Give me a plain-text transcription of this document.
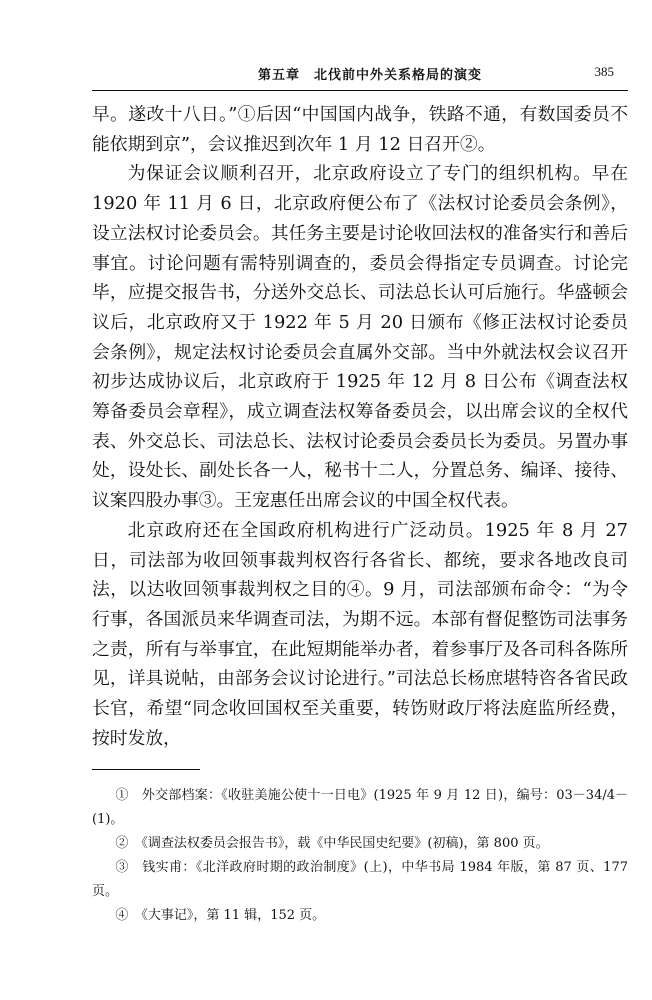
第五章　北伐前中外关系格局的演变	385

早。遂改十八日。”①后因“中国国内战争，铁路不通，有数国委员不能依期到京”，会议推迟到次年 1 月 12 日召开②。

为保证会议顺利召开，北京政府设立了专门的组织机构。早在 1920 年 11 月 6 日，北京政府便公布了《法权讨论委员会条例》，设立法权讨论委员会。其任务主要是讨论收回法权的准备实行和善后事宜。讨论问题有需特别调查的，委员会得指定专员调查。讨论完毕，应提交报告书，分送外交总长、司法总长认可后施行。华盛顿会议后，北京政府又于 1922 年 5 月 20 日颁布《修正法权讨论委员会条例》，规定法权讨论委员会直属外交部。当中外就法权会议召开初步达成协议后，北京政府于 1925 年 12 月 8 日公布《调查法权筹备委员会章程》，成立调查法权筹备委员会，以出席会议的全权代表、外交总长、司法总长、法权讨论委员会委员长为委员。另置办事处，设处长、副处长各一人，秘书十二人，分置总务、编译、接待、议案四股办事③。王宠惠任出席会议的中国全权代表。

北京政府还在全国政府机构进行广泛动员。1925 年 8 月 27 日，司法部为收回领事裁判权咨行各省长、都统，要求各地改良司法，以达收回领事裁判权之目的④。9 月，司法部颁布命令：“为令行事，各国派员来华调查司法，为期不远。本部有督促整饬司法事务之责，所有与举事宜，在此短期能举办者，着参事厅及各司科各陈所见，详具说帖，由部务会议讨论进行。”司法总长杨庶堪特咨各省民政长官，希望“同念收回国权至关重要，转饬财政厅将法庭监所经费，按时发放，

①　外交部档案：《收驻美施公使十一日电》(1925 年 9 月 12 日)，编号：03－34/4－(1)。

②　《调查法权委员会报告书》，载《中华民国史纪要》(初稿)，第 800 页。

③　钱实甫：《北洋政府时期的政治制度》(上)，中华书局 1984 年版，第 87 页、177 页。

④　《大事记》，第 11 辑，152 页。
